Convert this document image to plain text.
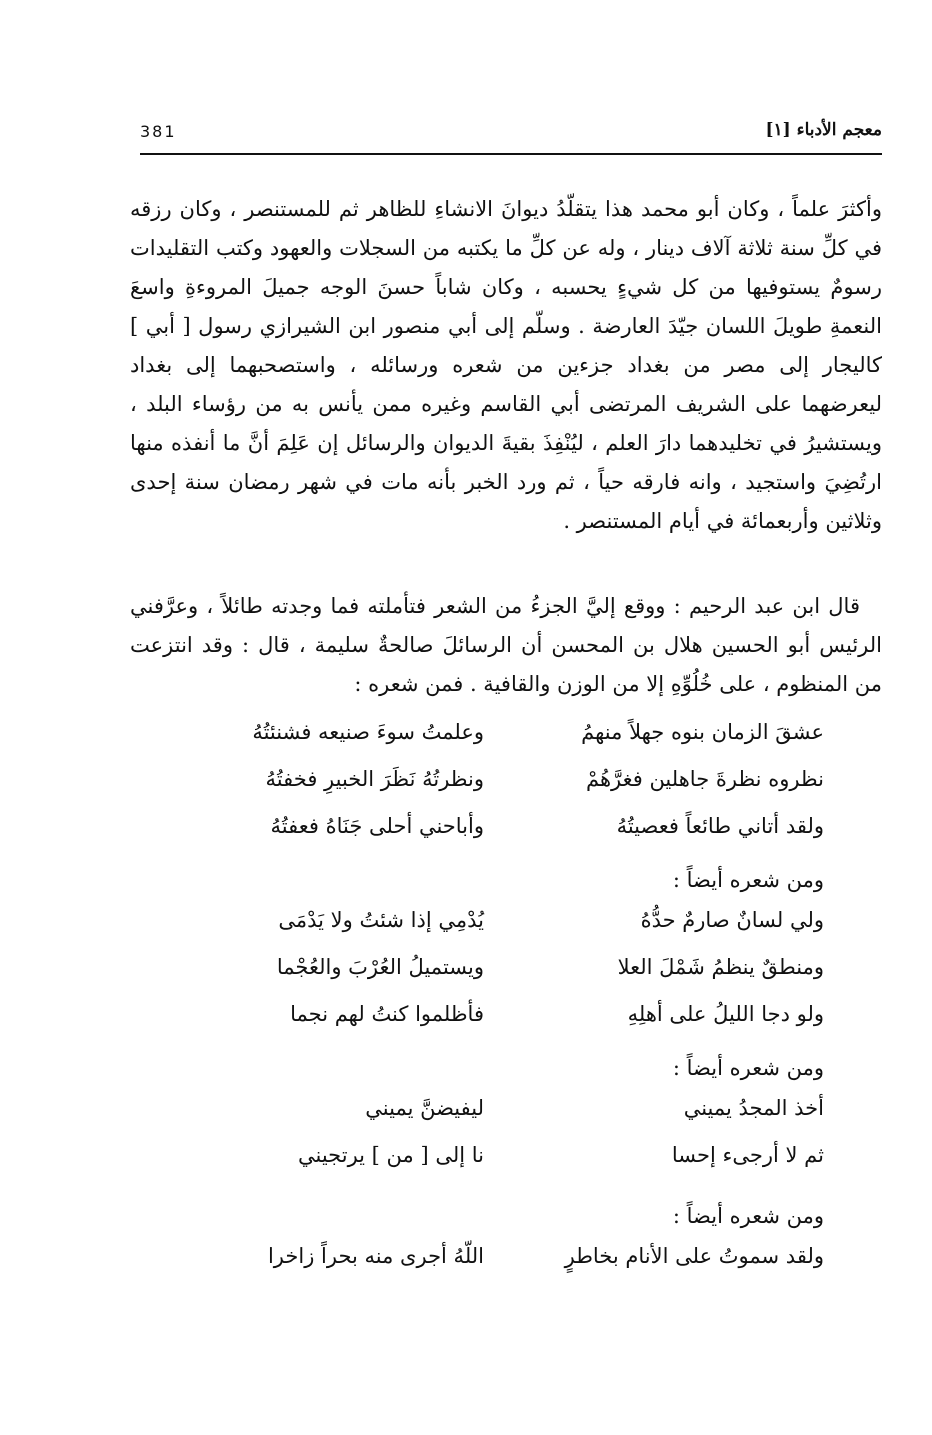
381	معجم الأدباء [١]

وأكثرَ علماً ، وكان أبو محمد هذا يتقلّدُ ديوانَ الانشاءِ للظاهر ثم للمستنصر ، وكان رزقه في كلِّ سنة ثلاثة آلاف دينار ، وله عن كلِّ ما يكتبه من السجلات والعهود وكتب التقليدات رسومٌ يستوفيها من كل شيءٍ يحسبه ، وكان شاباً حسنَ الوجه جميلَ المروءةِ واسعَ النعمةِ طويلَ اللسان جيّدَ العارضة . وسلّم إلى أبي منصور ابن الشيرازي رسول [ أبي ] كاليجار إلى مصر من بغداد جزءين من شعره ورسائله ، واستصحبهما إلى بغداد ليعرضهما على الشريف المرتضى أبي القاسم وغيره ممن يأنس به من رؤساء البلد ، ويستشيرُ في تخليدهما دارَ العلم ، ليُنْفِذَ بقيةَ الديوان والرسائل إن عَلِمَ أنَّ ما أنفذه منها ارتُضِيَ واستجيد ، وانه فارقه حياً ، ثم ورد الخبر بأنه مات في شهر رمضان سنة إحدى وثلاثين وأربعمائة في أيام المستنصر .

قال ابن عبد الرحيم : ووقع إليَّ الجزءُ من الشعر فتأملته فما وجدته طائلاً ، وعرَّفني الرئيس أبو الحسين هلال بن المحسن أن الرسائلَ صالحةٌ سليمة ، قال : وقد انتزعت من المنظوم ، على خُلُوِّهِ إلا من الوزن والقافية . فمن شعره :

عشقَ الزمان بنوه جهلاً منهمُ
وعلمتُ سوءَ صنيعه فشنئتُهُ
نظروه نظرةَ جاهلين فغرَّهُمْ
ونظرتُهُ نَظَرَ الخبيرِ فخفتُهُ
ولقد أتاني طائعاً فعصيتُهُ
وأباحني أحلى جَنَاهُ فعفتُهُ
ومن شعره أيضاً :
ولي لسانٌ صارمٌ حدُّهُ
يُدْمِي إذا شئتُ ولا يَدْمَى
ومنطقٌ ينظمُ شَمْلَ العلا
ويستميلُ العُرْبَ والعُجْما
ولو دجا الليلُ على أهلِهِ
فأظلموا كنتُ لهم نجما
ومن شعره أيضاً :
أخذ المجدُ يميني
ليفيضنَّ يميني
ثم لا أرجىء إحسا
نا إلى [ من ] يرتجيني
ومن شعره أيضاً :
ولقد سموتُ على الأنام بخاطرٍ
اللّهُ أجرى منه بحراً زاخرا
